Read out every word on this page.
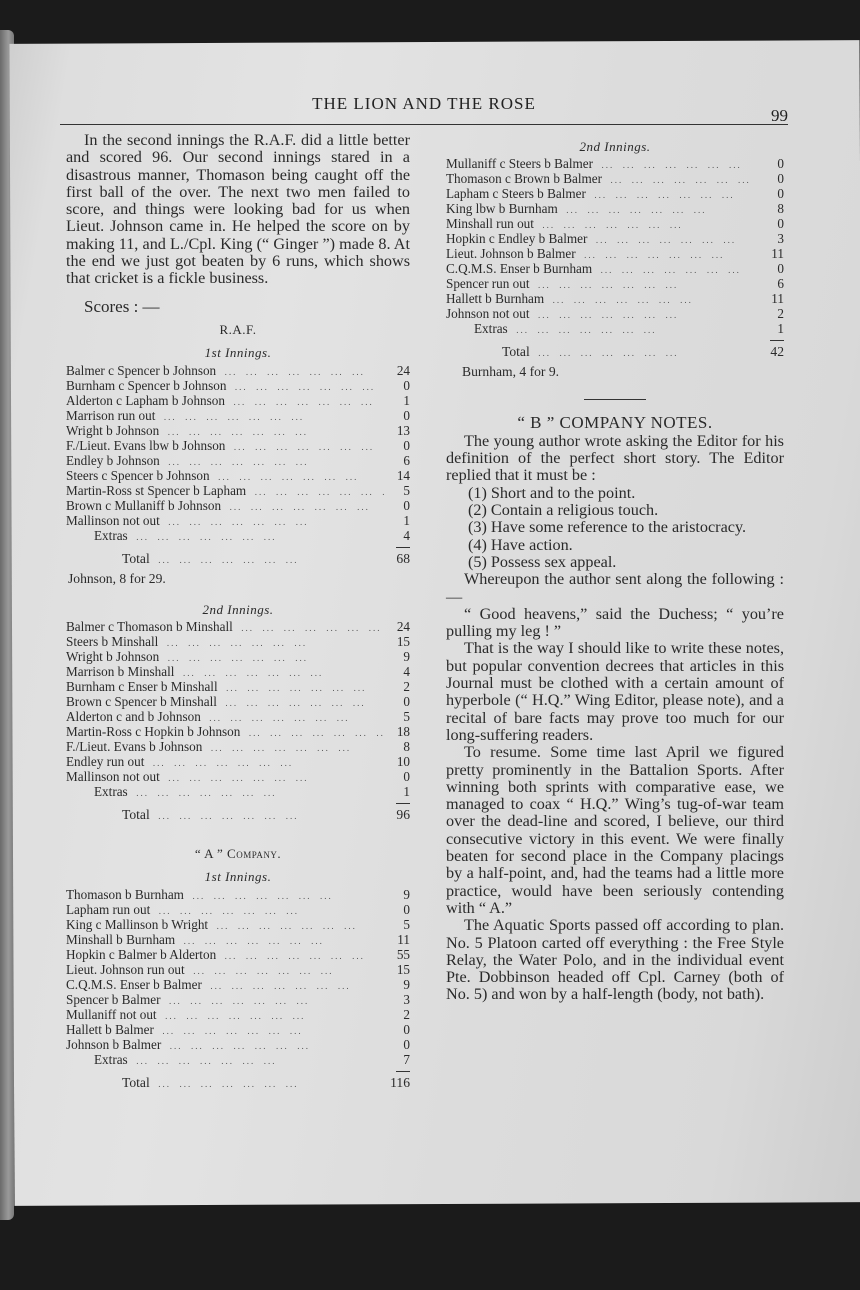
THE LION AND THE ROSE
99

In the second innings the R.A.F. did a little better and scored 96. Our second innings stared in a disastrous manner, Thomason being caught off the first ball of the over. The next two men failed to score, and things were looking bad for us when Lieut. Johnson came in. He helped the score on by making 11, and L./Cpl. King (“ Ginger ”) made 8. At the end we just got beaten by 6 runs, which shows that cricket is a fickle business.

Scores : —
R.A.F.
1st Innings.
Balmer c Spencer b Johnson ...	24
Burnham c Spencer b Johnson ...	0
Alderton c Lapham b Johnson ...	1
Marrison run out ...	0
Wright b Johnson ...	13
F./Lieut. Evans lbw b Johnson ...	0
Endley b Johnson ...	6
Steers c Spencer b Johnson ...	14
Martin-Ross st Spencer b Lapham ...	5
Brown c Mullaniff b Johnson ...	0
Mallinson not out ...	1
Extras ...	4
Total ...	68
Johnson, 8 for 29.
2nd Innings.
Balmer c Thomason b Minshall ...	24
Steers b Minshall ...	15
Wright b Johnson ...	9
Marrison b Minshall ...	4
Burnham c Enser b Minshall ...	2
Brown c Spencer b Minshall ...	0
Alderton c and b Johnson ...	5
Martin-Ross c Hopkin b Johnson ...	18
F./Lieut. Evans b Johnson ...	8
Endley run out ...	10
Mallinson not out ...	0
Extras ...	1
Total ...	96
“ A ” Company.
1st Innings.
Thomason b Burnham ...	9
Lapham run out ...	0
King c Mallinson b Wright ...	5
Minshall b Burnham ...	11
Hopkin c Balmer b Alderton ...	55
Lieut. Johnson run out ...	15
C.Q.M.S. Enser b Balmer ...	9
Spencer b Balmer ...	3
Mullaniff not out ...	2
Hallett b Balmer ...	0
Johnson b Balmer ...	0
Extras ...	7
Total ...	116
2nd Innings.
Mullaniff c Steers b Balmer ...	0
Thomason c Brown b Balmer ...	0
Lapham c Steers b Balmer ...	0
King lbw b Burnham ...	8
Minshall run out ...	0
Hopkin c Endley b Balmer ...	3
Lieut. Johnson b Balmer ...	11
C.Q.M.S. Enser b Burnham ...	0
Spencer run out ...	6
Hallett b Burnham ...	11
Johnson not out ...	2
Extras ...	1
Total ...	42
Burnham, 4 for 9.
“ B ” COMPANY NOTES.

The young author wrote asking the Editor for his definition of the perfect short story. The Editor replied that it must be :

(1) Short and to the point.

(2) Contain a religious touch.

(3) Have some reference to the aristocracy.

(4) Have action.

(5) Possess sex appeal.

Whereupon the author sent along the following : —

“ Good heavens,” said the Duchess; “ you’re pulling my leg ! ”

That is the way I should like to write these notes, but popular convention decrees that articles in this Journal must be clothed with a certain amount of hyperbole (“ H.Q.” Wing Editor, please note), and a recital of bare facts may prove too much for our long-suffering readers.

To resume. Some time last April we figured pretty prominently in the Battalion Sports. After winning both sprints with comparative ease, we managed to coax “ H.Q.” Wing’s tug-of-war team over the dead-line and scored, I believe, our third consecutive victory in this event. We were finally beaten for second place in the Company placings by a half-point, and, had the teams had a little more practice, would have been seriously contending with “ A.”

The Aquatic Sports passed off according to plan. No. 5 Platoon carted off everything : the Free Style Relay, the Water Polo, and in the individual event Pte. Dobbinson headed off Cpl. Carney (both of No. 5) and won by a half-length (body, not bath).
